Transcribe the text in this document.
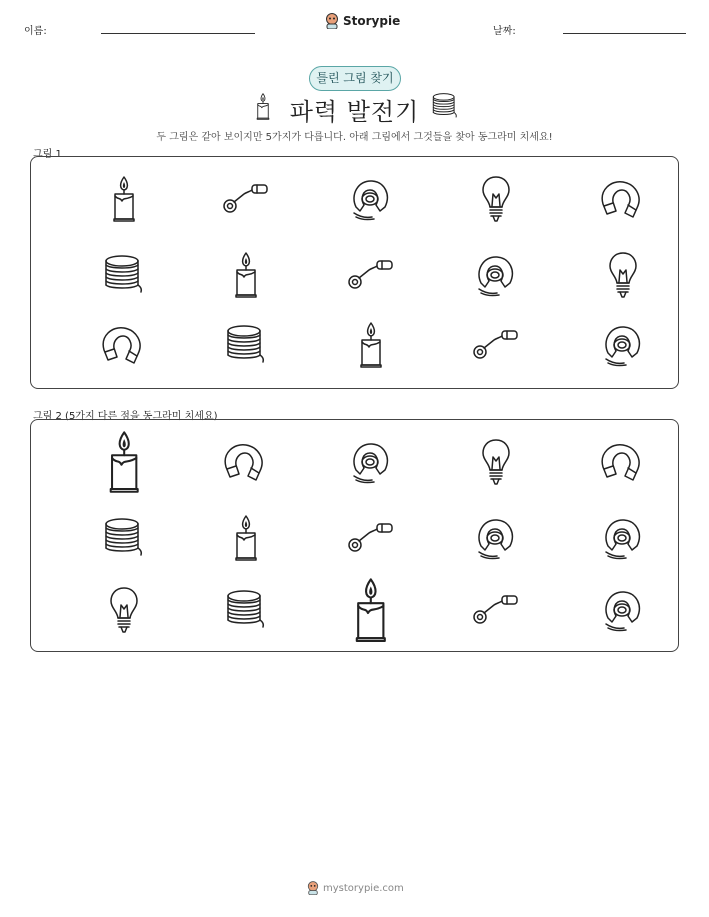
이름:
Storypie
날짜:
틀린 그림 찾기
파력 발전기
두 그림은 같아 보이지만 5가지가 다릅니다. 아래 그림에서 그것들을 찾아 동그라미 치세요!
그림 1
그림 2 (5가지 다른 점을 동그라미 치세요)
mystorypie.com
